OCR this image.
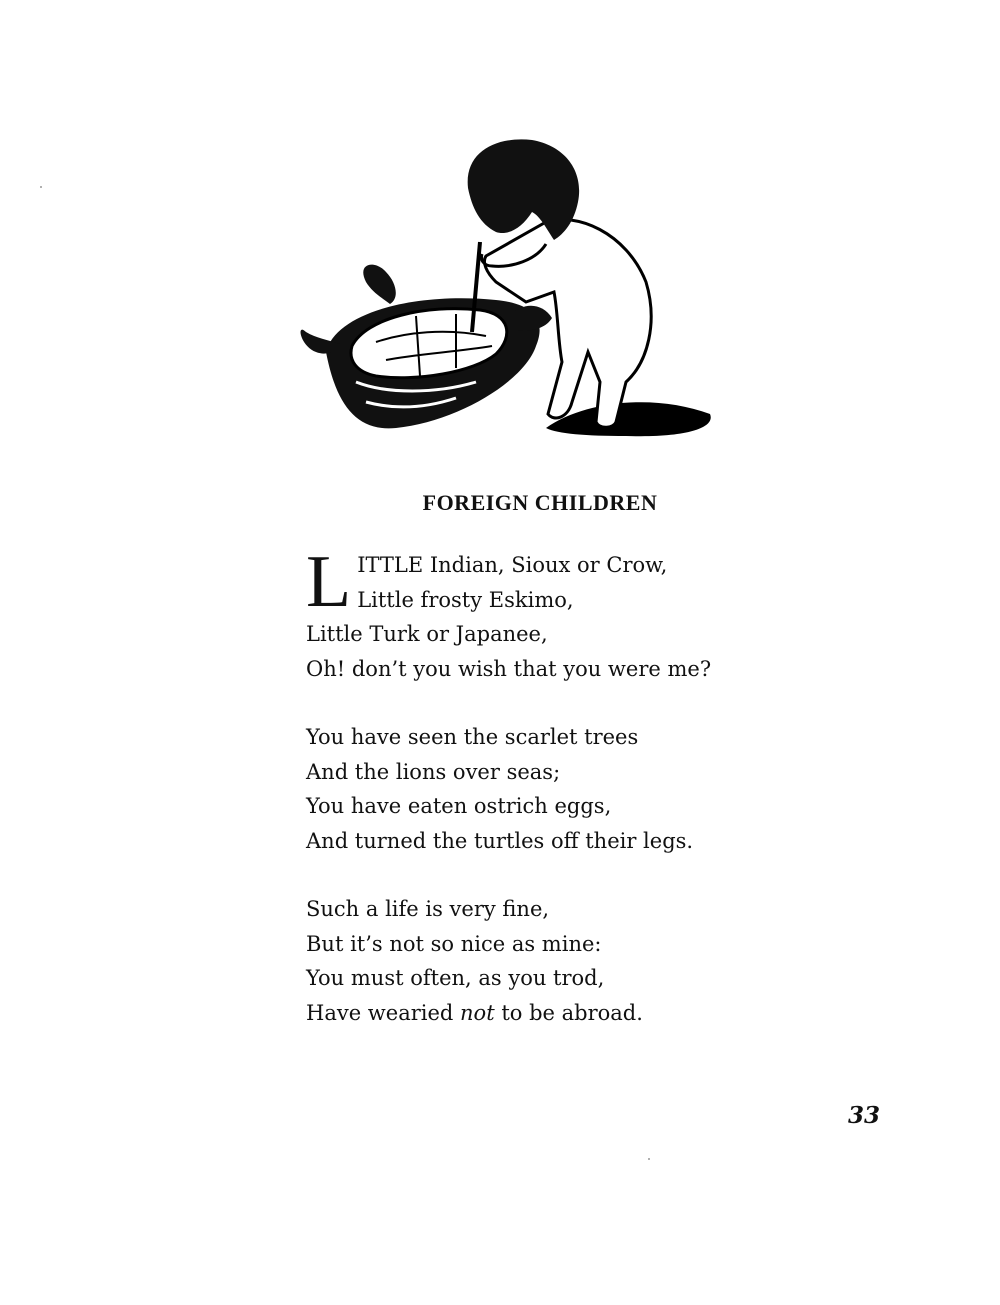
FOREIGN CHILDREN
L ITTLE Indian, Sioux or Crow,
Little frosty Eskimo,
Little Turk or Japanee,
Oh! don’t you wish that you were me?
You have seen the scarlet trees
And the lions over seas;
You have eaten ostrich eggs,
And turned the turtles off their legs.
Such a life is very fine,
But it’s not so nice as mine:
You must often, as you trod,
Have wearied not to be abroad.
33
